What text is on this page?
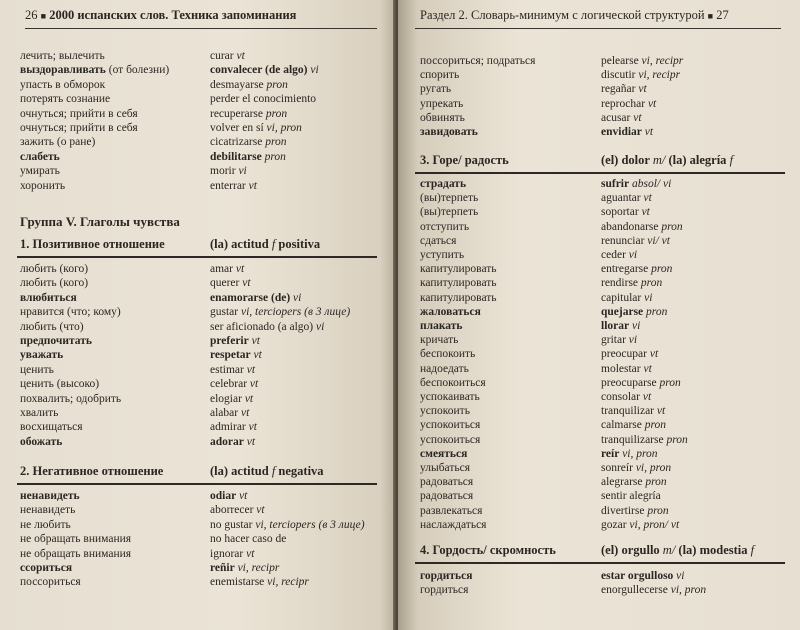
26 ■ 2000 испанских слов. Техника запоминания
лечить; вылечить	curar vt
выздоравливать (от болезни)	convalecer (de algo) vi
упасть в обморок	desmayarse pron
потерять сознание	perder el conocimiento
очнуться; прийти в себя	recuperarse pron
очнуться; прийти в себя	volver en sí vi, pron
зажить (о ране)	cicatrizarse pron
слабеть	debilitarse pron
умирать	morir vi
хоронить	enterrar vt
Группа V. Глаголы чувства
1. Позитивное отношение	(la) actitud f positiva
любить (кого)	amar vt
любить (кого)	querer vt
влюбиться	enamorarse (de) vi
нравится (что; кому)	gustar vi, terciopers (в 3 лице)
любить (что)	ser aficionado (a algo) vi
предпочитать	preferir vt
уважать	respetar vt
ценить	estimar vt
ценить (высоко)	celebrar vt
похвалить; одобрить	elogiar vt
хвалить	alabar vt
восхищаться	admirar vt
обожать	adorar vt
2. Негативное отношение	(la) actitud f negativa
ненавидеть	odiar vt
ненавидеть	aborrecer vt
не любить	no gustar vi, terciopers (в 3 лице)
не обращать внимания	no hacer caso de
не обращать внимания	ignorar vt
ссориться	reñir vi, recipr
поссориться	enemistarse vi, recipr
Раздел 2. Словарь-минимум с логической структурой ■ 27
поссориться; подраться	pelearse vi, recipr
спорить	discutir vi, recipr
ругать	regañar vt
упрекать	reprochar vt
обвинять	acusar vt
завидовать	envidiar vt
3. Горе/ радость	(el) dolor m/ (la) alegría f
страдать	sufrir absol/ vi
(вы)терпеть	aguantar vt
(вы)терпеть	soportar vt
отступить	abandonarse pron
сдаться	renunciar vi/ vt
уступить	ceder vi
капитулировать	entregarse pron
капитулировать	rendirse pron
капитулировать	capitular vi
жаловаться	quejarse pron
плакать	llorar vi
кричать	gritar vi
беспокоить	preocupar vt
надоедать	molestar vt
беспокоиться	preocuparse pron
успокаивать	consolar vt
успокоить	tranquilizar vt
успокоиться	calmarse pron
успокоиться	tranquilizarse pron
смеяться	reír vi, pron
улыбаться	sonreír vi, pron
радоваться	alegrarse pron
радоваться	sentir alegría
развлекаться	divertirse pron
наслаждаться	gozar vi, pron/ vt
4. Гордость/ скромность	(el) orgullo m/ (la) modestia f
гордиться	estar orgulloso vi
гордиться	enorgullecerse vi, pron
